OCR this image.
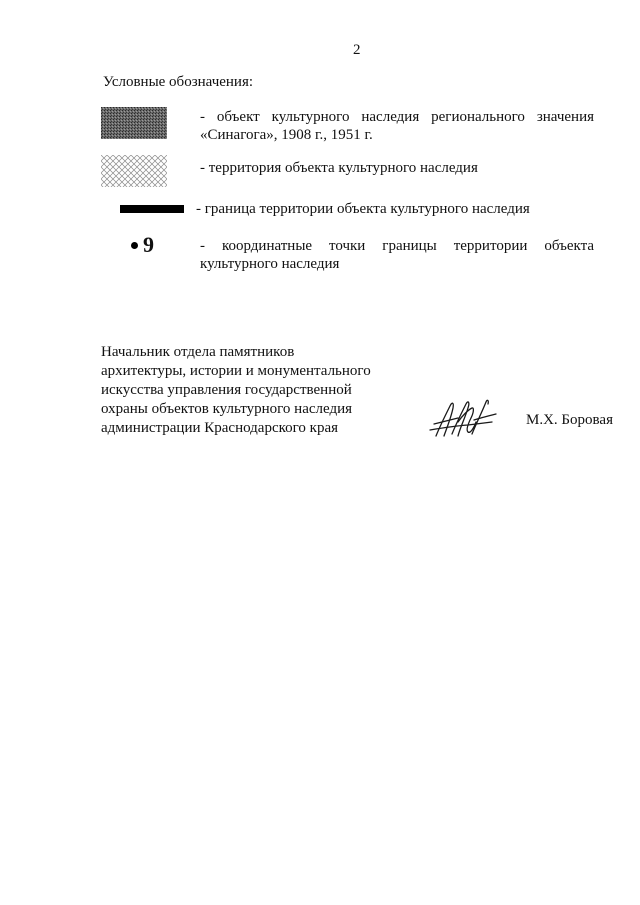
2
Условные обозначения:
- объект культурного наследия регионального значения
«Синагога», 1908 г., 1951 г.
- территория объекта культурного наследия
- граница территории объекта культурного наследия
9	- координатные точки границы территории объекта
культурного наследия
Начальник отдела памятников
архитектуры, истории и монументального
искусства управления государственной
охраны объектов культурного наследия
администрации Краснодарского края	М.Х. Боровая
